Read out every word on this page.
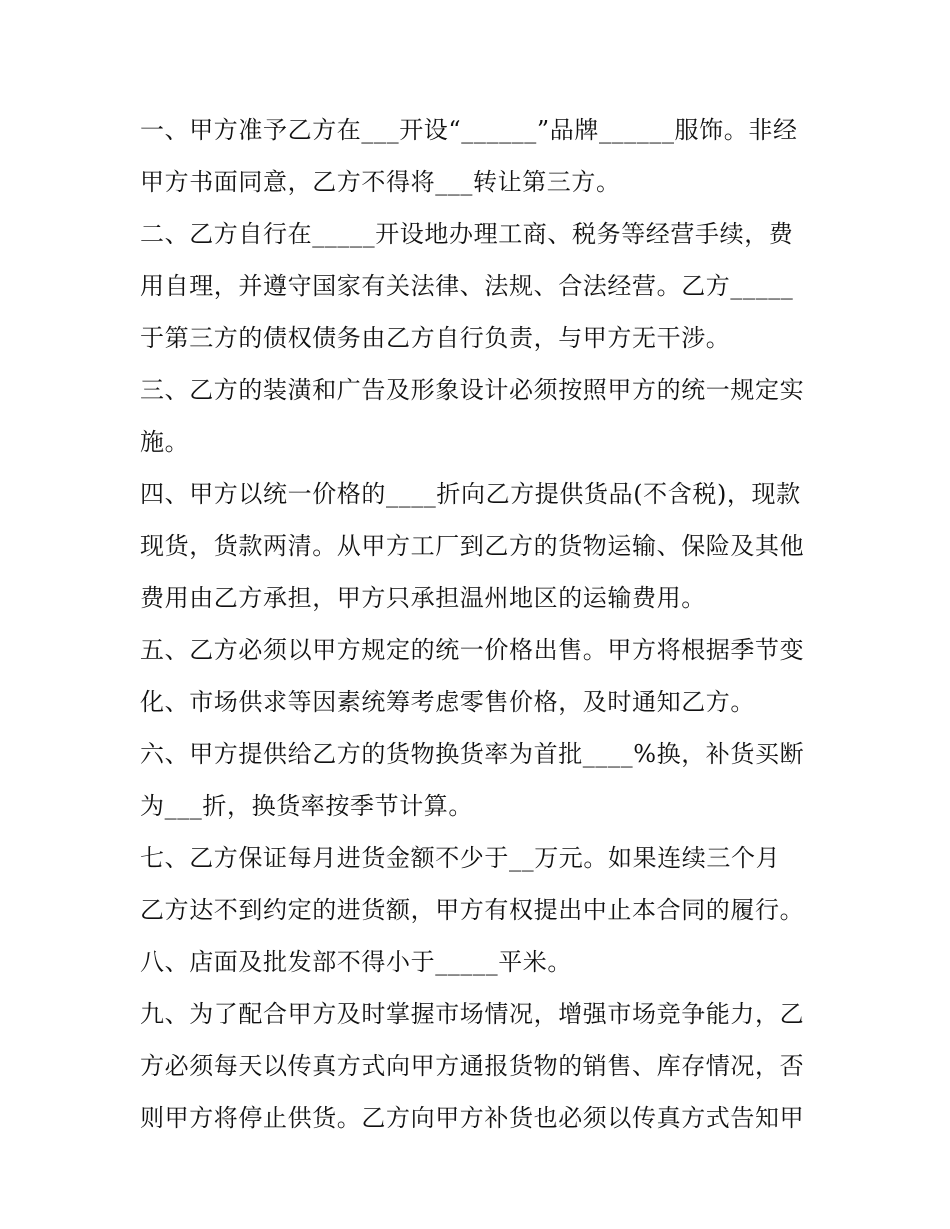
一、甲方准予乙方在___开设“______”品牌______服饰。非经
甲方书面同意，乙方不得将___转让第三方。
二、乙方自行在_____开设地办理工商、税务等经营手续，费
用自理，并遵守国家有关法律、法规、合法经营。乙方_____
于第三方的债权债务由乙方自行负责，与甲方无干涉。
三、乙方的装潢和广告及形象设计必须按照甲方的统一规定实
施。
四、甲方以统一价格的____折向乙方提供货品(不含税)，现款
现货，货款两清。从甲方工厂到乙方的货物运输、保险及其他
费用由乙方承担，甲方只承担温州地区的运输费用。
五、乙方必须以甲方规定的统一价格出售。甲方将根据季节变
化、市场供求等因素统筹考虑零售价格，及时通知乙方。
六、甲方提供给乙方的货物换货率为首批____%换，补货买断
为___折，换货率按季节计算。
七、乙方保证每月进货金额不少于__万元。如果连续三个月
乙方达不到约定的进货额，甲方有权提出中止本合同的履行。
八、店面及批发部不得小于_____平米。
九、为了配合甲方及时掌握市场情况，增强市场竞争能力，乙
方必须每天以传真方式向甲方通报货物的销售、库存情况，否
则甲方将停止供货。乙方向甲方补货也必须以传真方式告知甲
